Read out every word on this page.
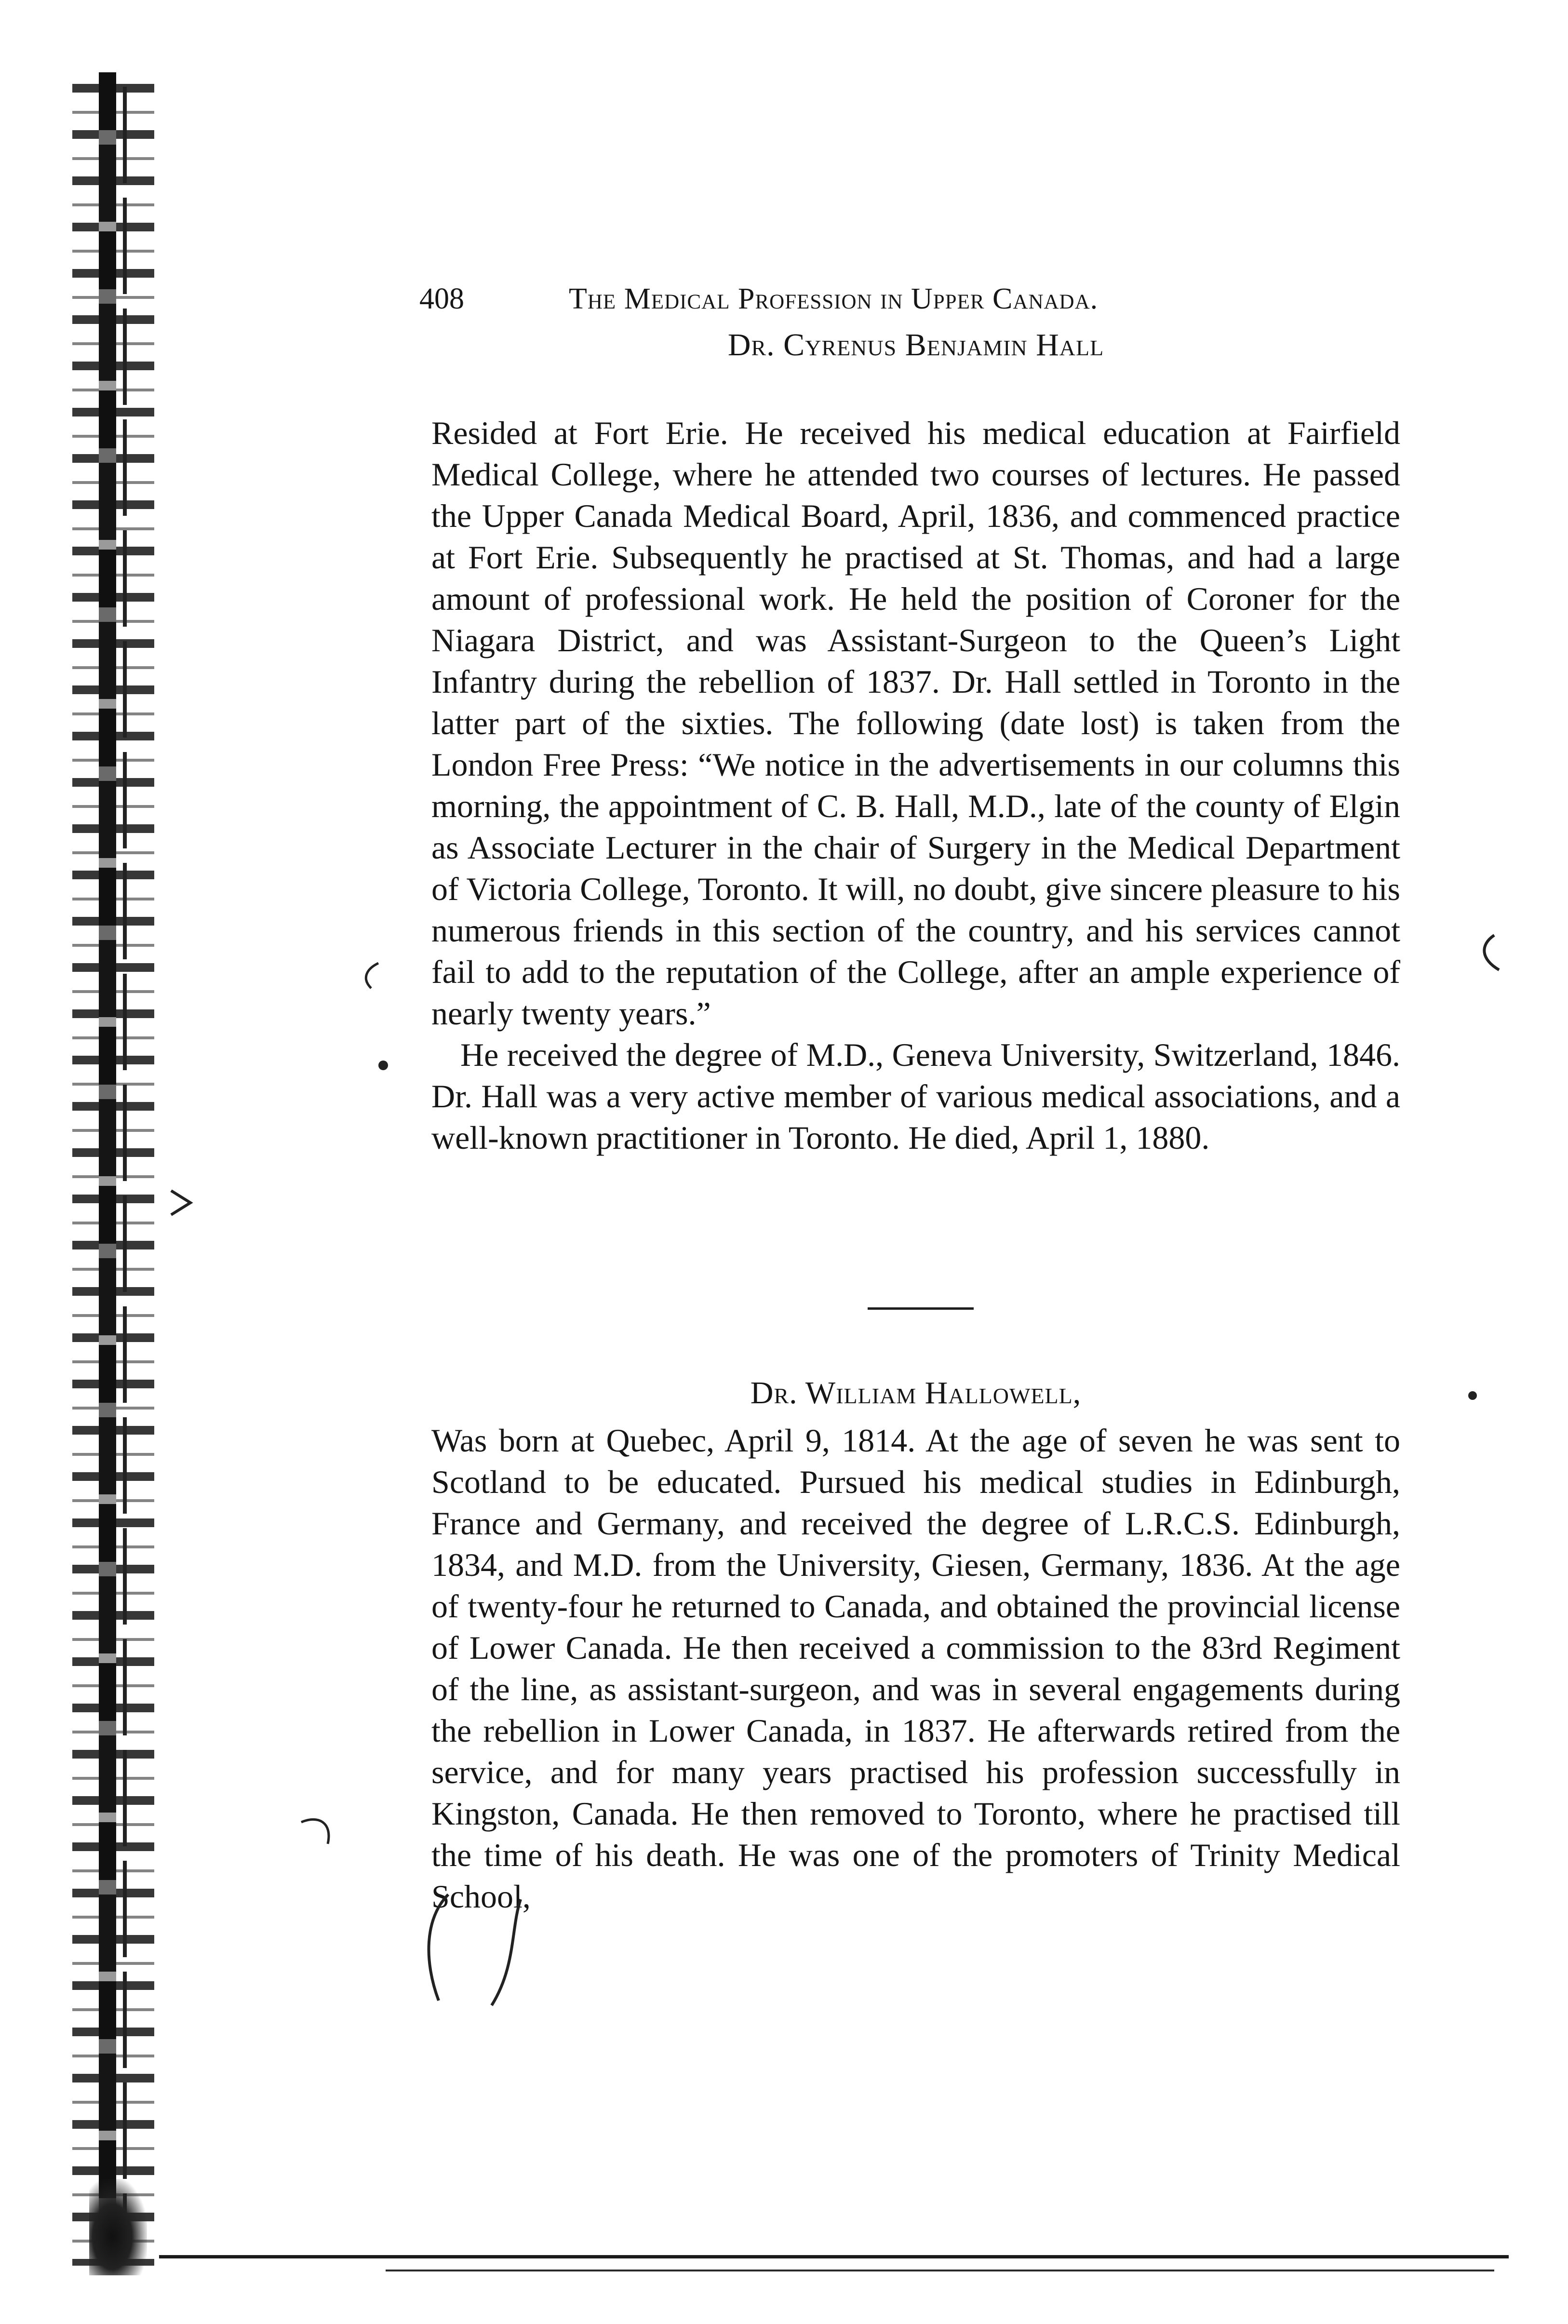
408	The Medical Profession in Upper Canada.
Dr. Cyrenus Benjamin Hall

Resided at Fort Erie. He received his medical education at Fairfield Medical College, where he attended two courses of lectures. He passed the Upper Canada Medical Board, April, 1836, and commenced practice at Fort Erie. Subsequently he practised at St. Thomas, and had a large amount of professional work. He held the position of Coroner for the Niagara District, and was Assistant-Surgeon to the Queen’s Light Infantry during the rebellion of 1837. Dr. Hall settled in Toronto in the latter part of the sixties. The following (date lost) is taken from the London Free Press: “We notice in the advertisements in our columns this morning, the appointment of C. B. Hall, M.D., late of the county of Elgin as Associate Lecturer in the chair of Surgery in the Medical Department of Victoria College, Toronto. It will, no doubt, give sincere pleasure to his numerous friends in this section of the country, and his services cannot fail to add to the reputation of the College, after an ample experience of nearly twenty years.”

He received the degree of M.D., Geneva University, Switzerland, 1846. Dr. Hall was a very active member of various medical associations, and a well-known practitioner in Toronto. He died, April 1, 1880.

Dr. William Hallowell,

Was born at Quebec, April 9, 1814. At the age of seven he was sent to Scotland to be educated. Pursued his medical studies in Edinburgh, France and Germany, and received the degree of L.R.C.S. Edinburgh, 1834, and M.D. from the University, Giesen, Germany, 1836. At the age of twenty-four he returned to Canada, and obtained the provincial license of Lower Canada. He then received a commission to the 83rd Regiment of the line, as assistant-surgeon, and was in several engagements during the rebellion in Lower Canada, in 1837. He afterwards retired from the service, and for many years practised his profession successfully in Kingston, Canada. He then removed to Toronto, where he practised till the time of his death. He was one of the promoters of Trinity Medical School,
